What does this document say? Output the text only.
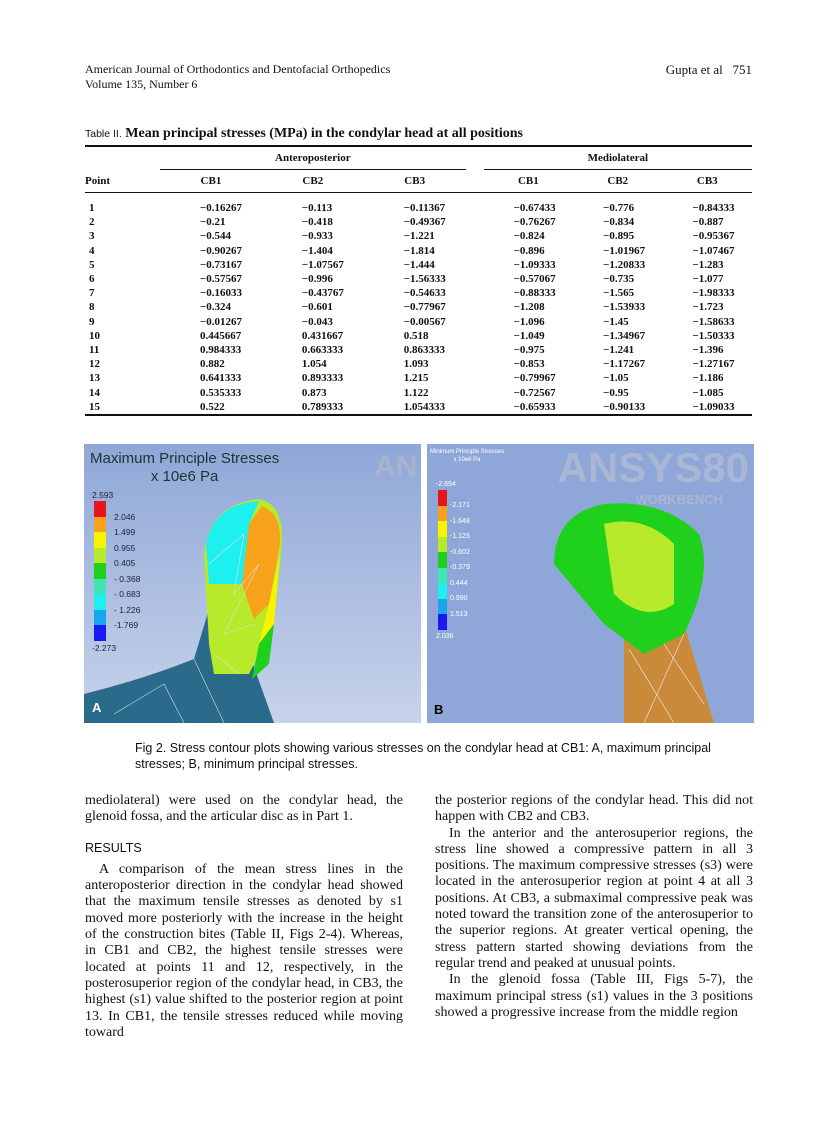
American Journal of Orthodontics and Dentofacial Orthopedics
Volume 135, Number 6
Gupta et al 751
Table II. Mean principal stresses (MPa) in the condylar head at all positions
	Anteroposterior				Mediolateral		
Point	CB1	CB2	CB3		CB1	CB2	CB3
1	−0.16267	−0.113	−0.11367		−0.67433	−0.776	−0.84333
2	−0.21	−0.418	−0.49367		−0.76267	−0.834	−0.887
3	−0.544	−0.933	−1.221		−0.824	−0.895	−0.95367
4	−0.90267	−1.404	−1.814		−0.896	−1.01967	−1.07467
5	−0.73167	−1.07567	−1.444		−1.09333	−1.20833	−1.283
6	−0.57567	−0.996	−1.56333		−0.57067	−0.735	−1.077
7	−0.16033	−0.43767	−0.54633		−0.88333	−1.565	−1.98333
8	−0.324	−0.601	−0.77967		−1.208	−1.53933	−1.723
9	−0.01267	−0.043	−0.00567		−1.096	−1.45	−1.58633
10	0.445667	0.431667	0.518		−1.049	−1.34967	−1.50333
11	0.984333	0.663333	0.863333		−0.975	−1.241	−1.396
12	0.882	1.054	1.093		−0.853	−1.17267	−1.27167
13	0.641333	0.893333	1.215		−0.79967	−1.05	−1.186
14	0.535333	0.873	1.122		−0.72567	−0.95	−1.085
15	0.522	0.789333	1.054333		−0.65933	−0.90133	−1.09033
Maximum Principle Stresses
x 10e6 Pa
2.593
2.046
1.499
0.955
0.405
- 0.368
- 0.683
- 1.226
-1.769
-2.273
AN
A
Minimum Principle Stresses
x 10e6 Pa
-2.694
-2.171
-1.648
-1.125
-0.602
-0.379
0.444
0.990
1.513
2.036
ANSYS80
WORKBENCH
B
Fig 2. Stress contour plots showing various stresses on the condylar head at CB1: A, maximum principal stresses; B, minimum principal stresses.

mediolateral) were used on the condylar head, the glenoid fossa, and the articular disc as in Part 1.

RESULTS

A comparison of the mean stress lines in the anteroposterior direction in the condylar head showed that the maximum tensile stresses as denoted by s1 moved more posteriorly with the increase in the height of the construction bites (Table II, Figs 2-4). Whereas, in CB1 and CB2, the highest tensile stresses were located at points 11 and 12, respectively, in the posterosuperior region of the condylar head, in CB3, the highest (s1) value shifted to the posterior region at point 13. In CB1, the tensile stresses reduced while moving toward

the posterior regions of the condylar head. This did not happen with CB2 and CB3.

In the anterior and the anterosuperior regions, the stress line showed a compressive pattern in all 3 positions. The maximum compressive stresses (s3) were located in the anterosuperior region at point 4 at all 3 positions. At CB3, a submaximal compressive peak was noted toward the transition zone of the anterosuperior to the superior regions. At greater vertical opening, the stress pattern started showing deviations from the regular trend and peaked at unusual points.

In the glenoid fossa (Table III, Figs 5-7), the maximum principal stress (s1) values in the 3 positions showed a progressive increase from the middle region
